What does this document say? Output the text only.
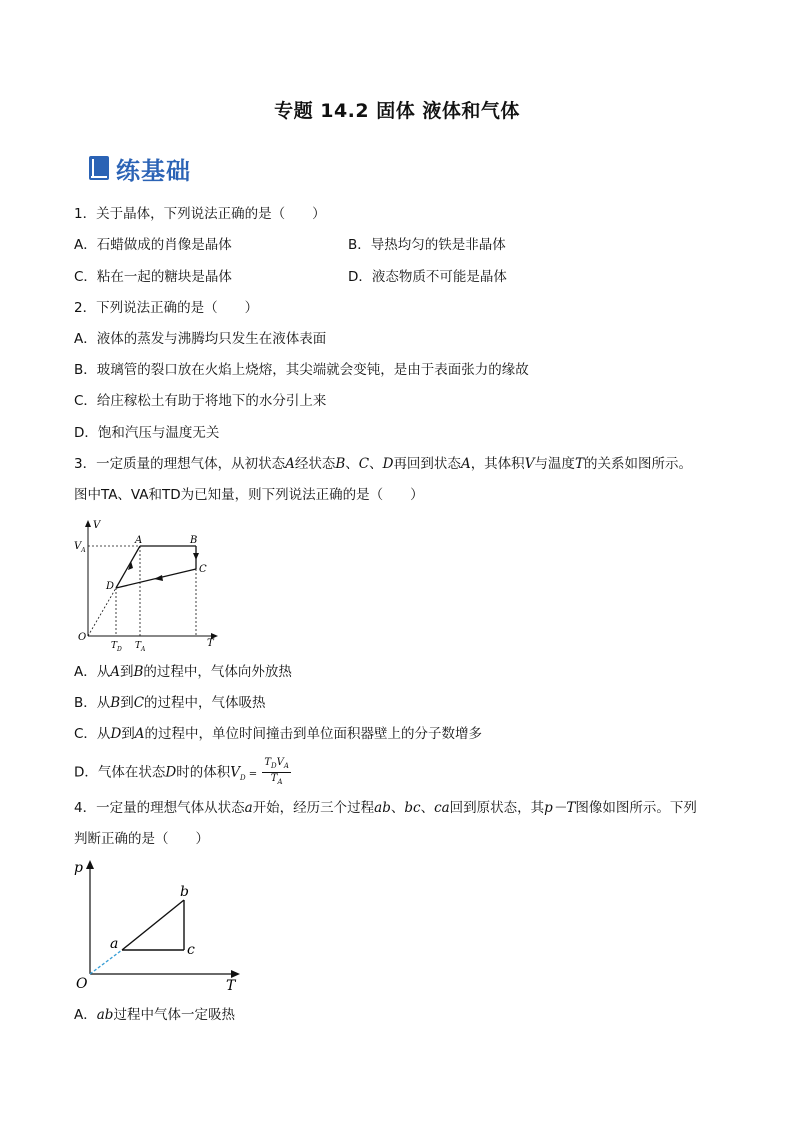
专题 14.2 固体 液体和气体
练基础
1．关于晶体，下列说法正确的是（　　）
A．石蜡做成的肖像是晶体	B．导热均匀的铁是非晶体
C．粘在一起的糖块是晶体	D．液态物质不可能是晶体
2．下列说法正确的是（　　）
A．液体的蒸发与沸腾均只发生在液体表面
B．玻璃管的裂口放在火焰上烧熔，其尖端就会变钝，是由于表面张力的缘故
C．给庄稼松土有助于将地下的水分引上来
D．饱和汽压与温度无关
3．一定质量的理想气体，从初状态A经状态B、C、D再回到状态A，其体积V与温度T的关系如图所示。
图中TA、VA和TD为已知量，则下列说法正确的是（　　）
V
$V_A$
A	B
C
D
O
T
$T_D$ $T_A$
A．从A到B的过程中，气体向外放热
B．从B到C的过程中，气体吸热
C．从D到A的过程中，单位时间撞击到单位面积器壁上的分子数增多
D．气体在状态D时的体积$V_D = \frac{T_DV_A}{T_A}$
4．一定量的理想气体从状态a开始，经历三个过程ab、bc、ca回到原状态，其p－T图像如图所示。下列
判断正确的是（　　）
p
a
b
c
O	T
A．ab过程中气体一定吸热
